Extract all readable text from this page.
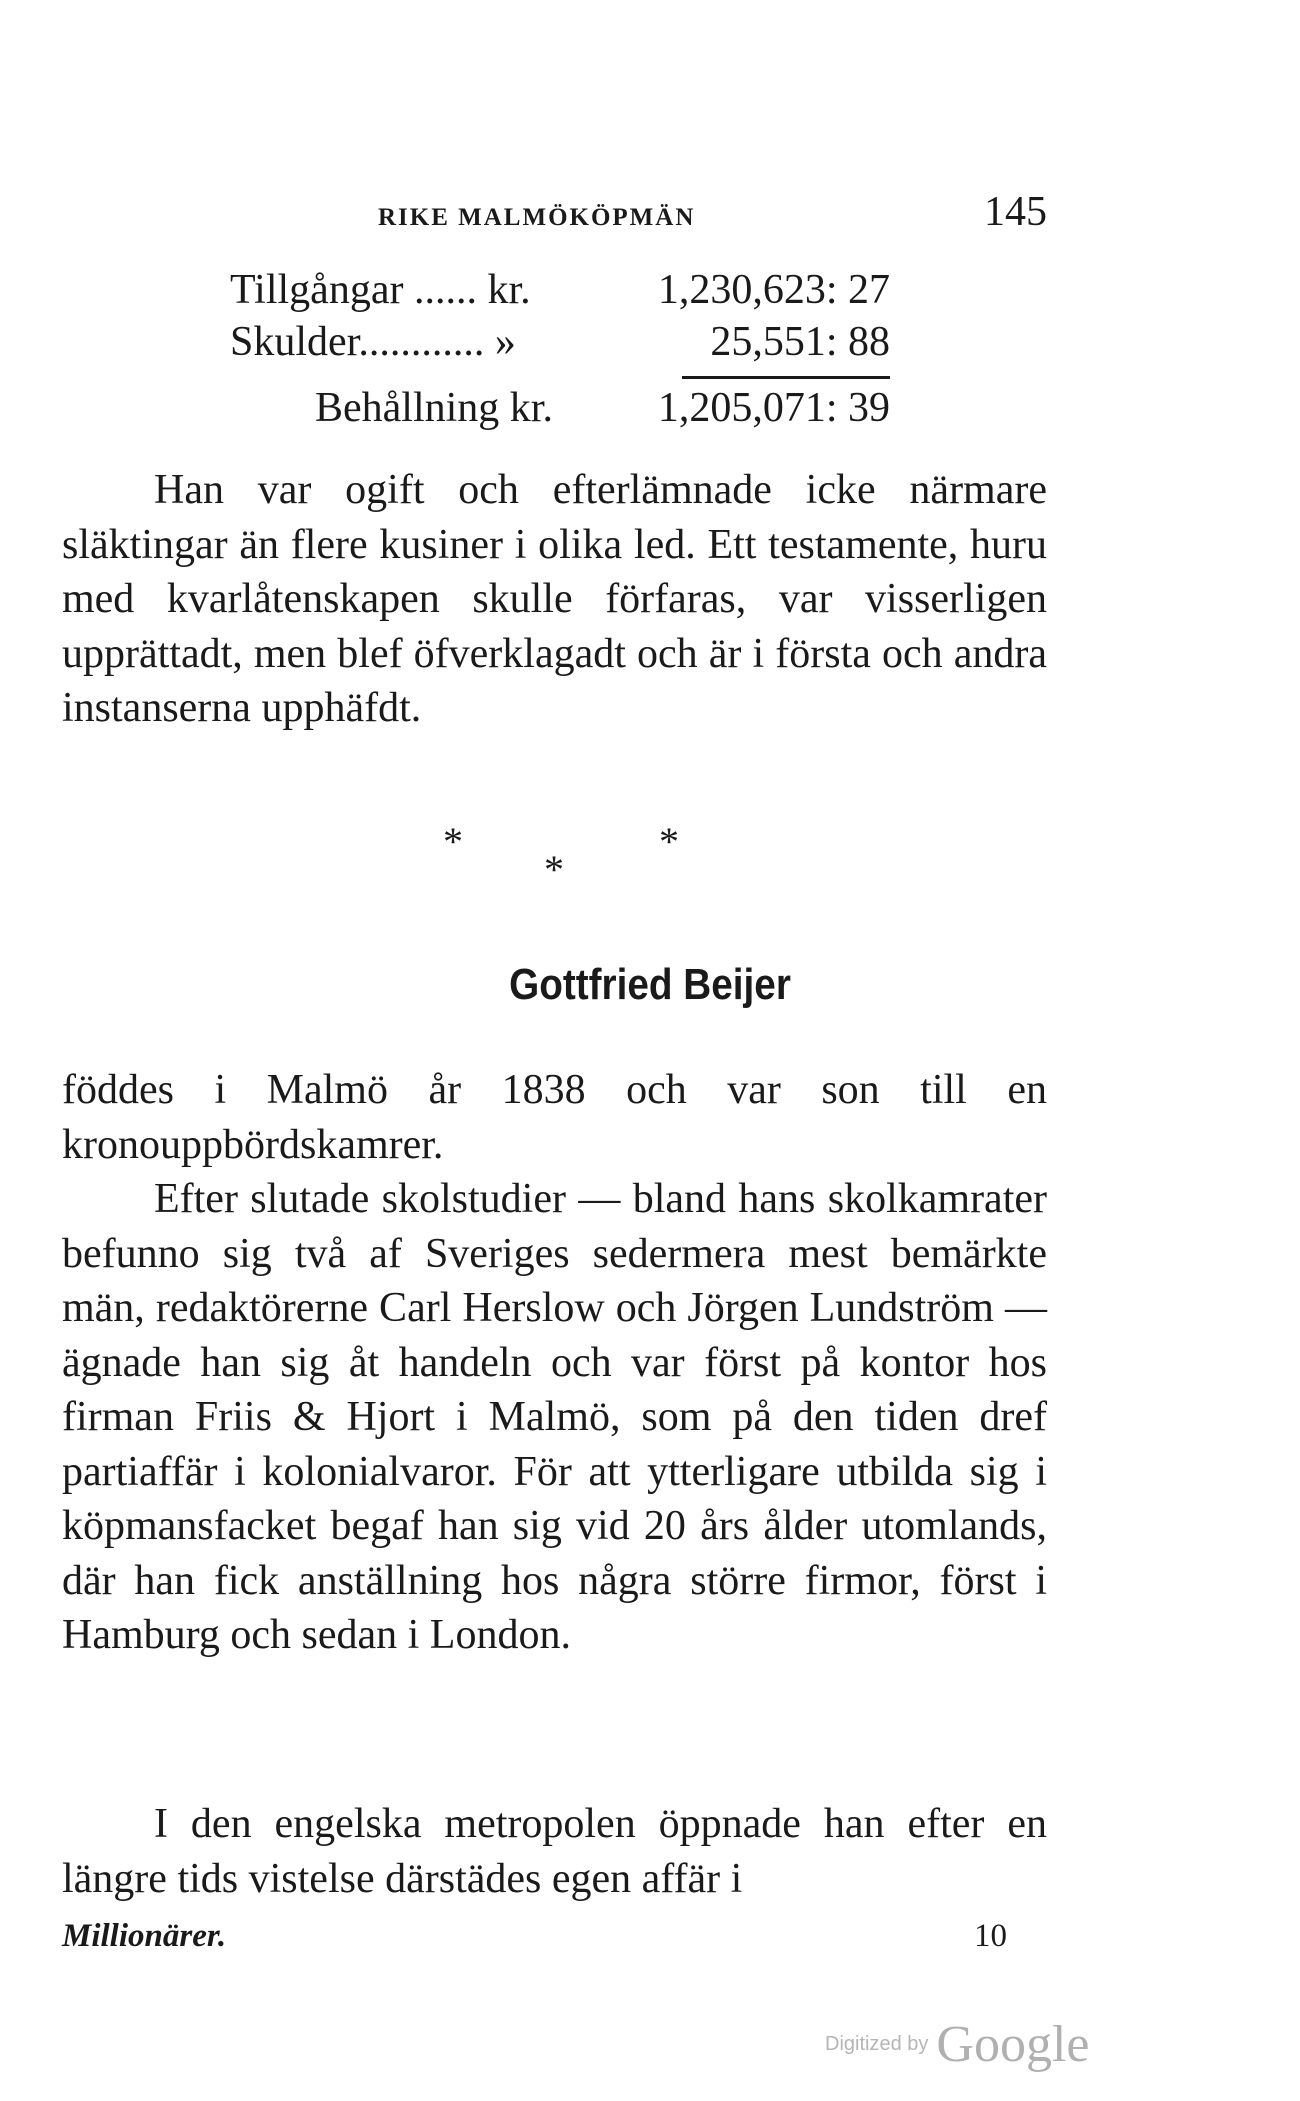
RIKE MALMÖKÖPMÄN	145
Tillgångar ...... kr.	1,230,623: 27
Skulder............ »	25,551: 88
Behållning kr. 1,205,071: 39

Han var ogift och efterlämnade icke närmare släktingar än flere kusiner i olika led. Ett testamente, huru med kvarlåtenskapen skulle förfaras, var visserligen upprättadt, men blef öfverklagadt och är i första och andra instanserna upphäfdt.

*
*
*
Gottfried Beijer

föddes i Malmö år 1838 och var son till en kronouppbördskamrer.

Efter slutade skolstudier — bland hans skolkamrater befunno sig två af Sveriges sedermera mest bemärkte män, redaktörerne Carl Herslow och Jörgen Lundström — ägnade han sig åt handeln och var först på kontor hos firman Friis & Hjort i Malmö, som på den tiden dref partiaffär i kolonialvaror. För att ytterligare utbilda sig i köpmansfacket begaf han sig vid 20 års ålder utomlands, där han fick anställning hos några större firmor, först i Hamburg och sedan i London.

I den engelska metropolen öppnade han efter en längre tids vistelse därstädes egen affär i

Millionärer.	10
Digitized by Google
